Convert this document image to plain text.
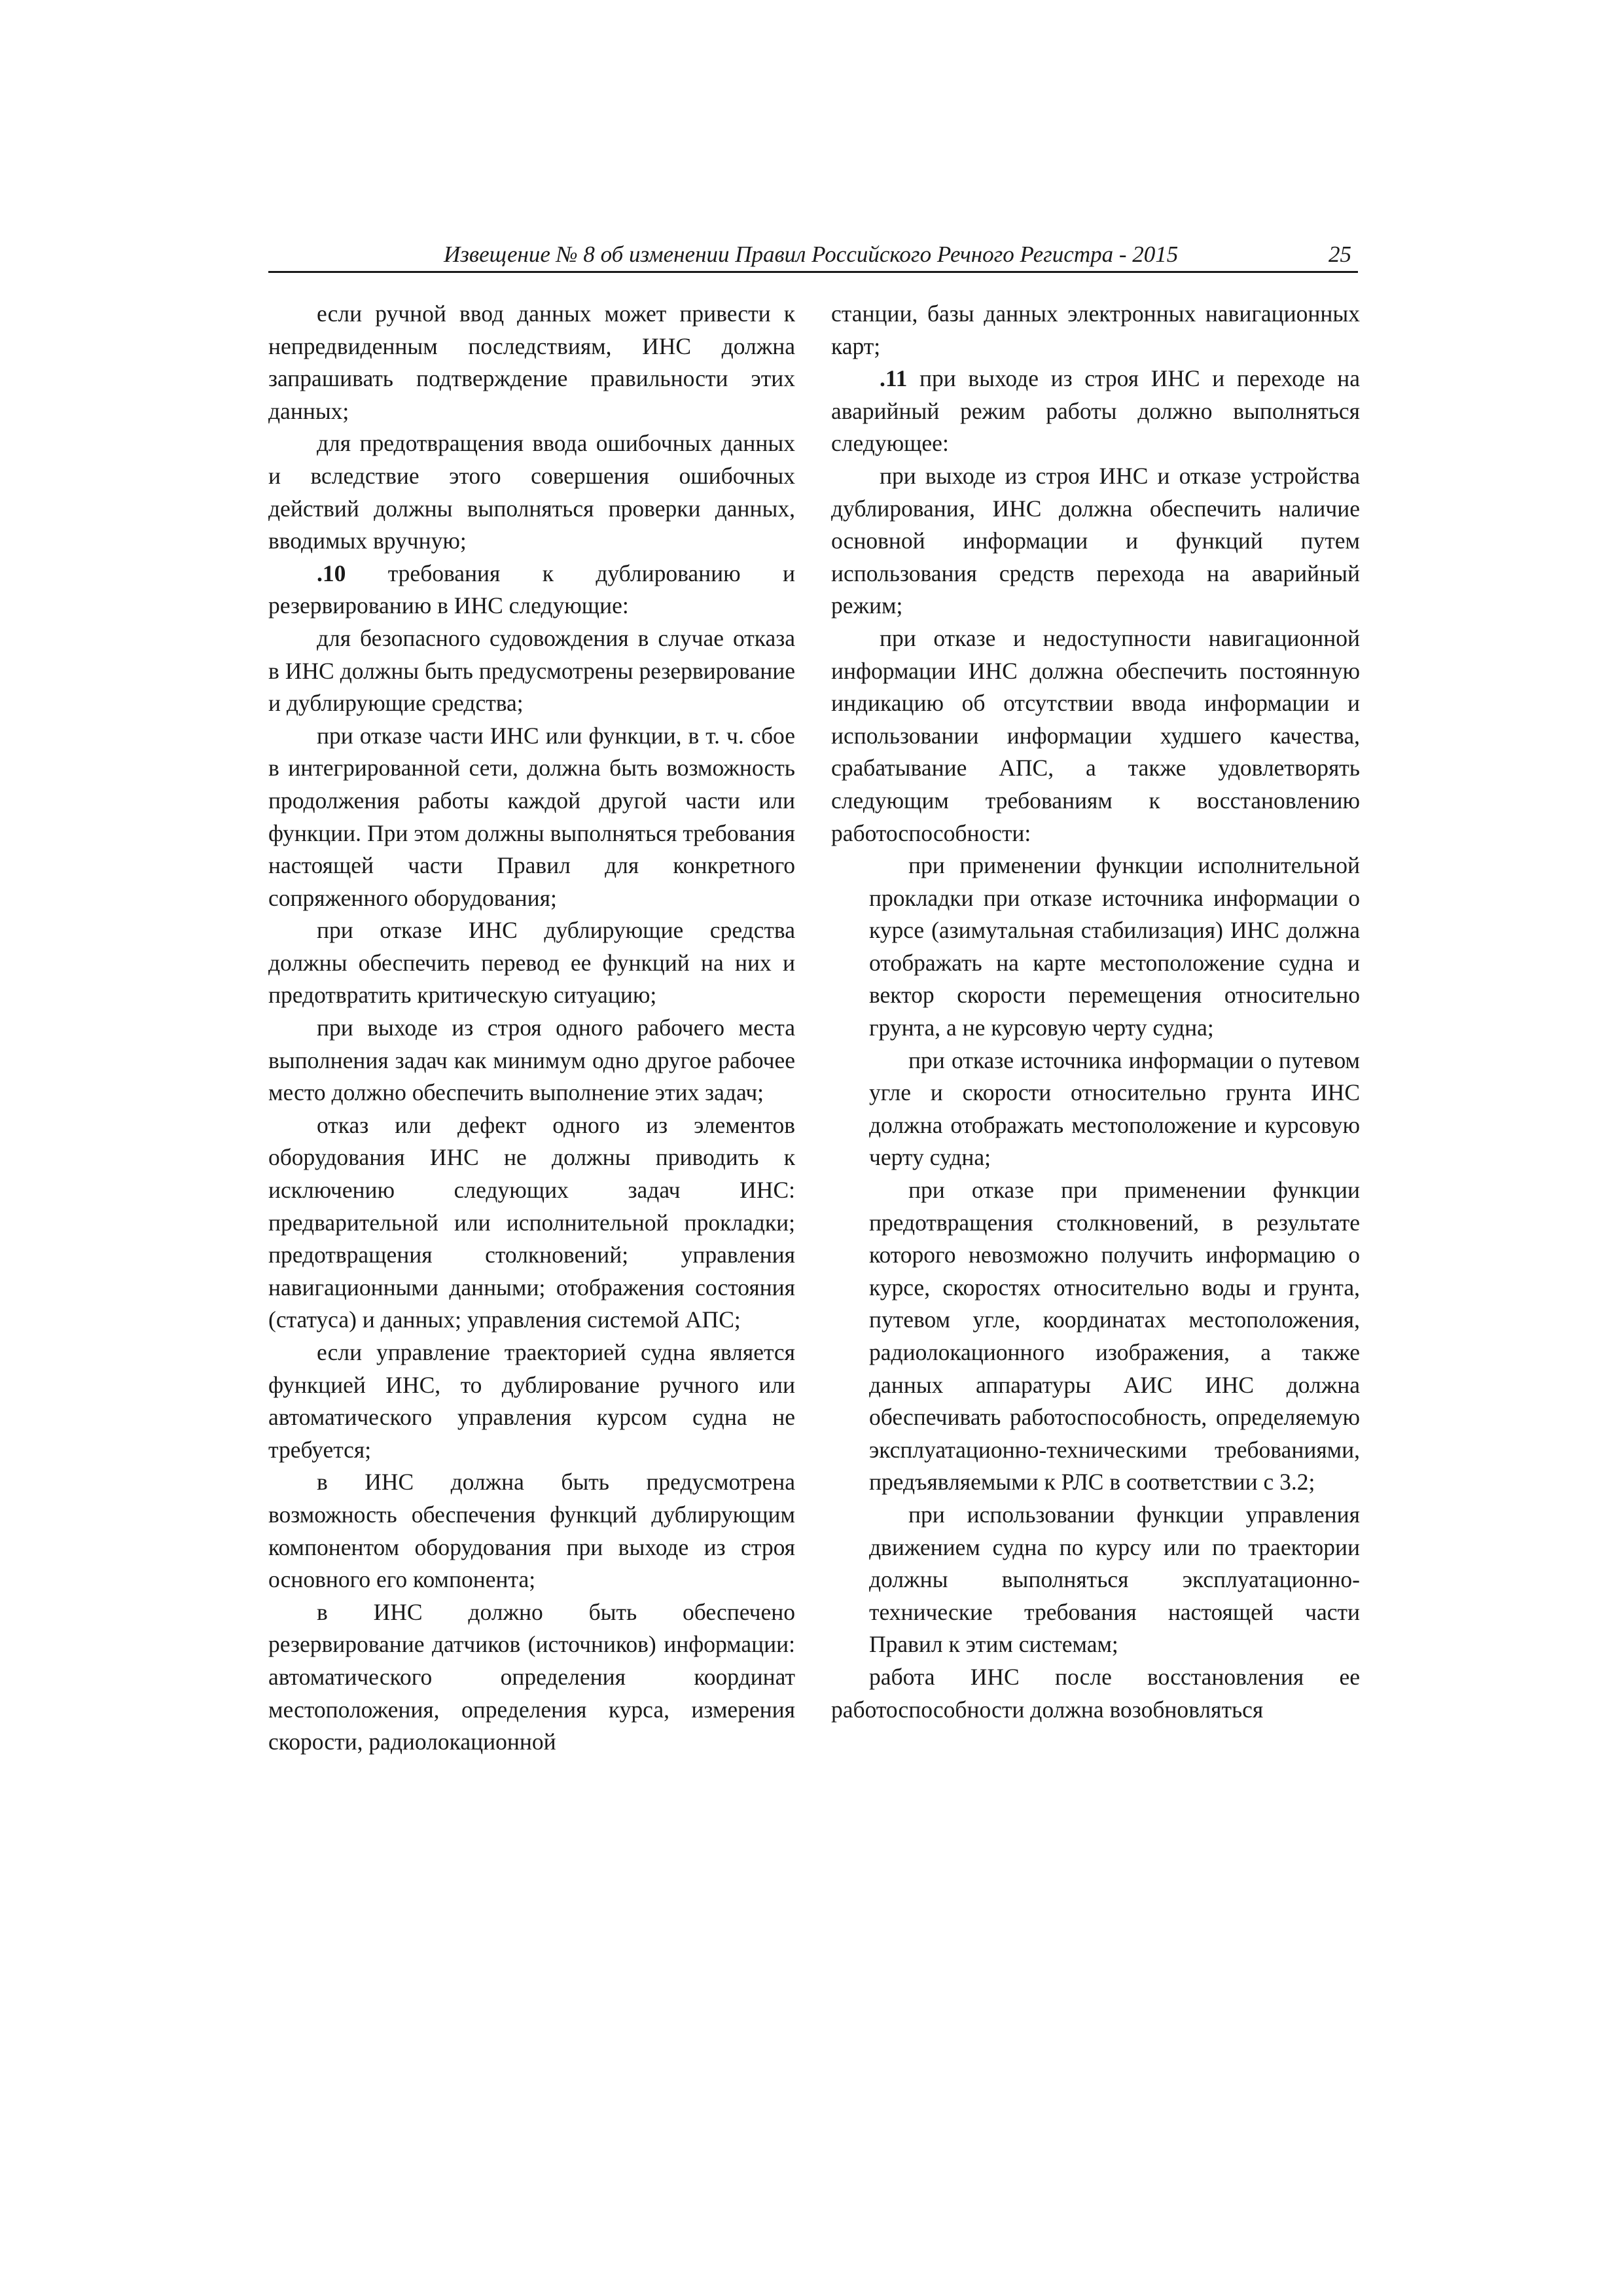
Извещение № 8 об изменении Правил Российского Речного Регистра - 2015	25

если ручной ввод данных может привести к непредвиденным последствиям, ИНС должна запрашивать подтверждение правильности этих данных;

для предотвращения ввода ошибочных данных и вследствие этого совершения ошибочных действий должны выполняться проверки данных, вводимых вручную;

.10 требования к дублированию и резервированию в ИНС следующие:

для безопасного судовождения в случае отказа в ИНС должны быть предусмотрены резервирование и дублирующие средства;

при отказе части ИНС или функции, в т. ч. сбое в интегрированной сети, должна быть возможность продолжения работы каждой другой части или функции. При этом должны выполняться требования настоящей части Правил для конкретного сопряженного оборудования;

при отказе ИНС дублирующие средства должны обеспечить перевод ее функций на них и предотвратить критическую ситуацию;

при выходе из строя одного рабочего места выполнения задач как минимум одно другое рабочее место должно обеспечить выполнение этих задач;

отказ или дефект одного из элементов оборудования ИНС не должны приводить к исключению следующих задач ИНС: предварительной или исполнительной прокладки; предотвращения столкновений; управления навигационными данными; отображения состояния (статуса) и данных; управления системой АПС;

если управление траекторией судна является функцией ИНС, то дублирование ручного или автоматического управления курсом судна не требуется;

в ИНС должна быть предусмотрена возможность обеспечения функций дублирующим компонентом оборудования при выходе из строя основного его компонента;

в ИНС должно быть обеспечено резервирование датчиков (источников) информации: автоматического определения координат местоположения, определения курса, измерения скорости, радиолокационной

станции, базы данных электронных навигационных карт;

.11 при выходе из строя ИНС и переходе на аварийный режим работы должно выполняться следующее:

при выходе из строя ИНС и отказе устройства дублирования, ИНС должна обеспечить наличие основной информации и функций путем использования средств перехода на аварийный режим;

при отказе и недоступности навигационной информации ИНС должна обеспечить постоянную индикацию об отсутствии ввода информации и использовании информации худшего качества, срабатывание АПС, а также удовлетворять следующим требованиям к восстановлению работоспособности:

при применении функции исполнительной прокладки при отказе источника информации о курсе (азимутальная стабилизация) ИНС должна отображать на карте местоположение судна и вектор скорости перемещения относительно грунта, а не курсовую черту судна;

при отказе источника информации о путевом угле и скорости относительно грунта ИНС должна отображать местоположение и курсовую черту судна;

при отказе при применении функции предотвращения столкновений, в результате которого невозможно получить информацию о курсе, скоростях относительно воды и грунта, путевом угле, координатах местоположения, радиолокационного изображения, а также данных аппаратуры АИС ИНС должна обеспечивать работоспособность, определяемую эксплуатационно-техническими требованиями, предъявляемыми к РЛС в соответствии с 3.2;

при использовании функции управления движением судна по курсу или по траектории должны выполняться эксплуатационно-технические требования настоящей части Правил к этим системам;

работа ИНС после восстановления ее работоспособности должна возобновляться
